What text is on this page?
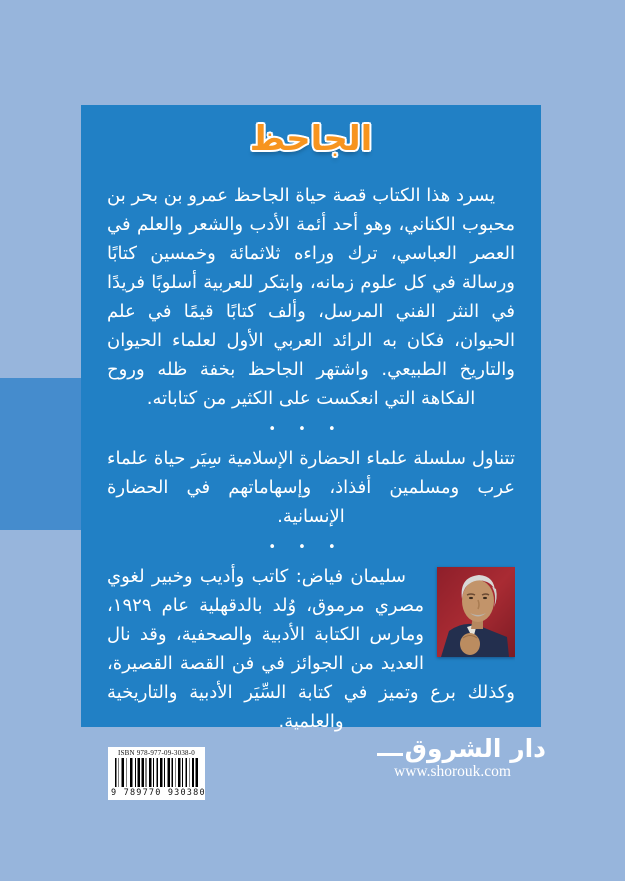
الجاحظ

يسرد هذا الكتاب قصة حياة الجاحظ عمرو بن بحر بن محبوب الكناني، وهو أحد أئمة الأدب والشعر والعلم في العصر العباسي، ترك وراءه ثلاثمائة وخمسين كتابًا ورسالة في كل علوم زمانه، وابتكر للعربية أسلوبًا فريدًا في النثر الفني المرسل، وألف كتابًا قيمًا في علم الحيوان، فكان به الرائد العربي الأول لعلماء الحيوان والتاريخ الطبيعي. واشتهر الجاحظ بخفة ظله وروح الفكاهة التي انعكست على الكثير من كتاباته.

• • •

تتناول سلسلة علماء الحضارة الإسلامية سِيَر حياة علماء عرب ومسلمين أفذاذ، وإسهاماتهم في الحضارة الإنسانية.

• • •

سليمان فياض: كاتب وأديب وخبير لغوي مصري مرموق، وُلد بالدقهلية عام ١٩٢٩، ومارس الكتابة الأدبية والصحفية، وقد نال العديد من الجوائز في فن القصة القصيرة، وكذلك برع وتميز في كتابة السِّيَر الأدبية والتاريخية والعلمية.

ISBN 978-977-09-3038-0
9 789770 930380
دار الشروق
www.shorouk.com
